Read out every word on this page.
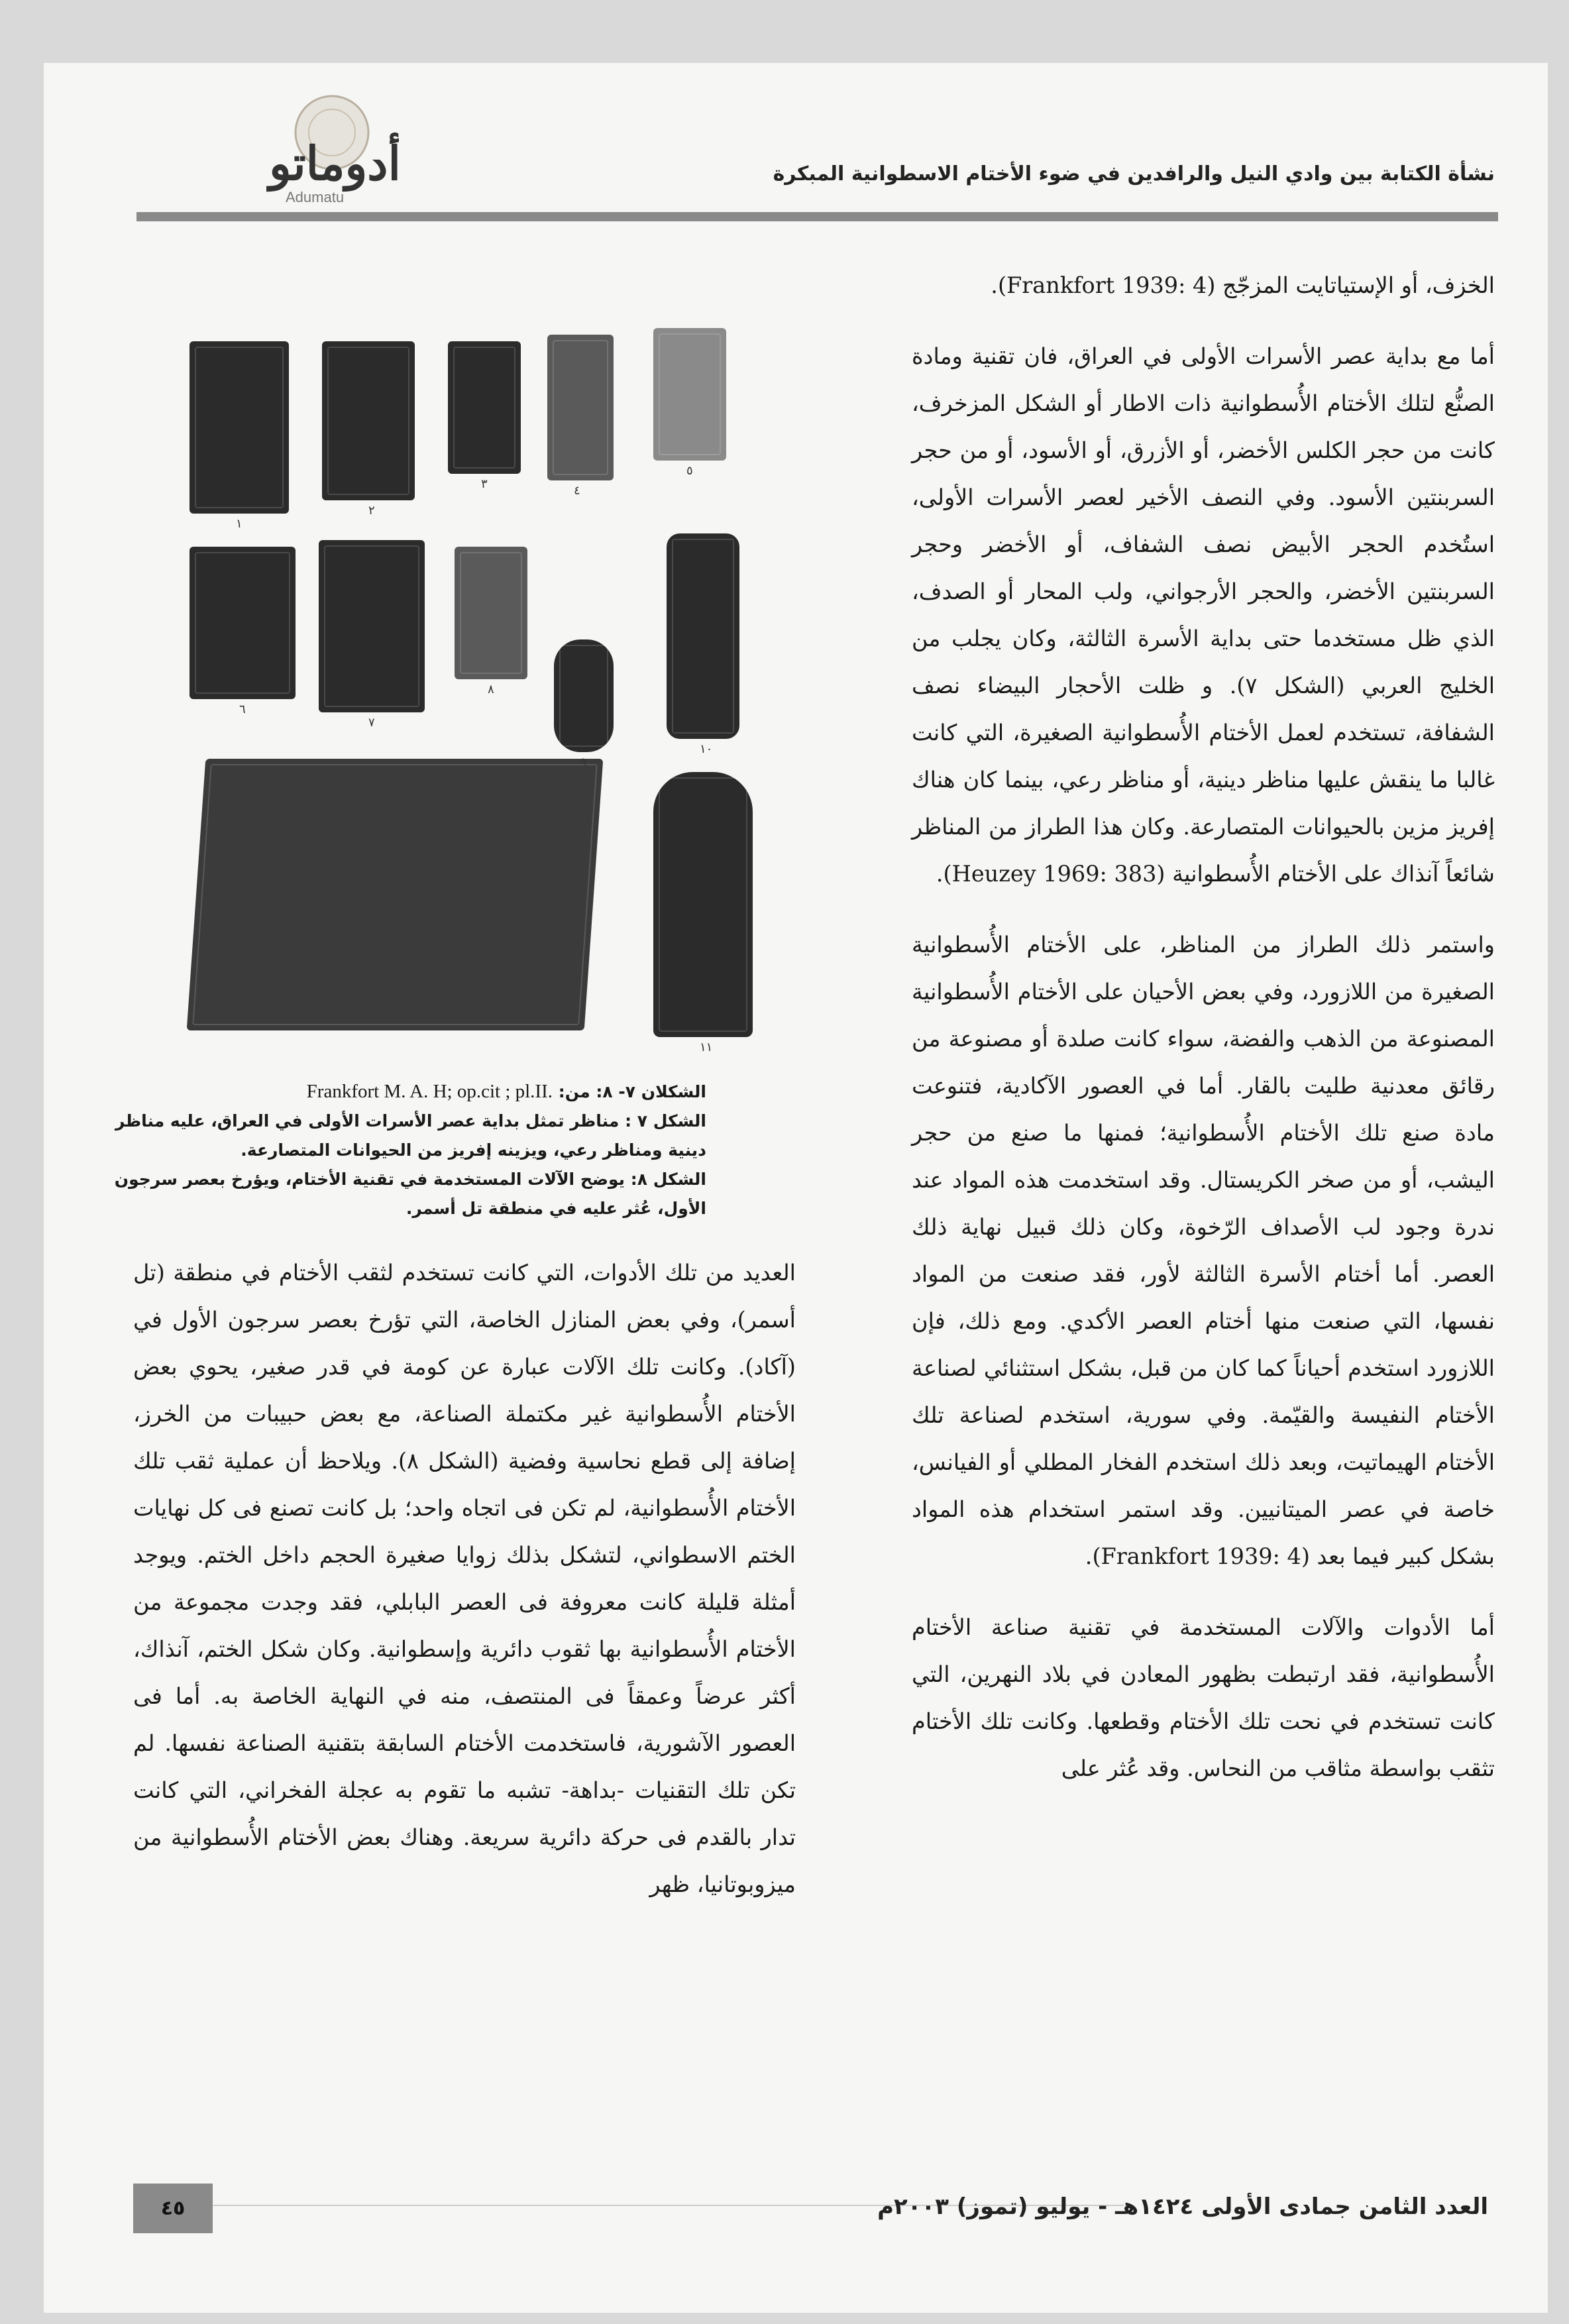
أدوماتو
Adumatu
نشأة الكتابة بين وادي النيل والرافدين في ضوء الأختام الاسطوانية المبكرة

الخزف، أو الإستياتايت المزجّج (Frankfort 1939: 4).

أما مع بداية عصر الأسرات الأولى في العراق، فان تقنية ومادة الصنُّع لتلك الأختام الأُسطوانية ذات الاطار أو الشكل المزخرف، كانت من حجر الكلس الأخضر، أو الأزرق، أو الأسود، أو من حجر السربنتين الأسود. وفي النصف الأخير لعصر الأسرات الأولى، استُخدم الحجر الأبيض نصف الشفاف، أو الأخضر وحجر السربنتين الأخضر، والحجر الأرجواني، ولب المحار أو الصدف، الذي ظل مستخدما حتى بداية الأسرة الثالثة، وكان يجلب من الخليج العربي (الشكل ٧). و ظلت الأحجار البيضاء نصف الشفافة، تستخدم لعمل الأختام الأُسطوانية الصغيرة، التي كانت غالبا ما ينقش عليها مناظر دينية، أو مناظر رعي، بينما كان هناك إفريز مزين بالحيوانات المتصارعة. وكان هذا الطراز من المناظر شائعاً آنذاك على الأختام الأُسطوانية (Heuzey 1969: 383).

واستمر ذلك الطراز من المناظر، على الأختام الأُسطوانية الصغيرة من اللازورد، وفي بعض الأحيان على الأختام الأُسطوانية المصنوعة من الذهب والفضة، سواء كانت صلدة أو مصنوعة من رقائق معدنية طليت بالقار. أما في العصور الآكادية، فتنوعت مادة صنع تلك الأختام الأُسطوانية؛ فمنها ما صنع من حجر اليشب، أو من صخر الكريستال. وقد استخدمت هذه المواد عند ندرة وجود لب الأصداف الرّخوة، وكان ذلك قبيل نهاية ذلك العصر. أما أختام الأسرة الثالثة لأور، فقد صنعت من المواد نفسها، التي صنعت منها أختام العصر الأكدي. ومع ذلك، فإن اللازورد استخدم أحياناً كما كان من قبل، بشكل استثنائي لصناعة الأختام النفيسة والقيّمة. وفي سورية، استخدم لصناعة تلك الأختام الهيماتيت، وبعد ذلك استخدم الفخار المطلي أو الفيانس، خاصة في عصر الميتانيين. وقد استمر استخدام هذه المواد بشكل كبير فيما بعد (Frankfort 1939: 4).

أما الأدوات والآلات المستخدمة في تقنية صناعة الأختام الأُسطوانية، فقد ارتبطت بظهور المعادن في بلاد النهرين، التي كانت تستخدم في نحت تلك الأختام وقطعها. وكانت تلك الأختام تثقب بواسطة مثاقب من النحاس. وقد عُثر على

١
٢
٣	٤
٥
٦
٧
٨
٩
١٠
١١

الشكلان ٧- ٨: من: Frankfort M. A. H; op.cit ; pl.II.

الشكل ٧ : مناظر تمثل بداية عصر الأسرات الأولى في العراق، عليه مناظر دينية ومناظر رعي، ويزينه إفريز من الحيوانات المتصارعة.

الشكل ٨: يوضح الآلات المستخدمة في تقنية الأختام، ويؤرخ بعصر سرجون الأول، عُثر عليه في منطقة تل أسمر.

العديد من تلك الأدوات، التي كانت تستخدم لثقب الأختام في منطقة (تل أسمر)، وفي بعض المنازل الخاصة، التي تؤرخ بعصر سرجون الأول في (آكاد). وكانت تلك الآلات عبارة عن كومة في قدر صغير، يحوي بعض الأختام الأُسطوانية غير مكتملة الصناعة، مع بعض حبيبات من الخرز، إضافة إلى قطع نحاسية وفضية (الشكل ٨). ويلاحظ أن عملية ثقب تلك الأختام الأُسطوانية، لم تكن فى اتجاه واحد؛ بل كانت تصنع فى كل نهايات الختم الاسطواني، لتشكل بذلك زوايا صغيرة الحجم داخل الختم. ويوجد أمثلة قليلة كانت معروفة فى العصر البابلي، فقد وجدت مجموعة من الأختام الأُسطوانية بها ثقوب دائرية وإسطوانية. وكان شكل الختم، آنذاك، أكثر عرضاً وعمقاً فى المنتصف، منه في النهاية الخاصة به. أما فى العصور الآشورية، فاستخدمت الأختام السابقة بتقنية الصناعة نفسها. لم تكن تلك التقنيات -بداهة- تشبه ما تقوم به عجلة الفخراني، التي كانت تدار بالقدم فى حركة دائرية سريعة. وهناك بعض الأختام الأُسطوانية من ميزوبوتانيا، ظهر

٤٥	العدد الثامن جمادى الأولى ١٤٢٤هـ - يوليو (تموز) ٢٠٠٣م
